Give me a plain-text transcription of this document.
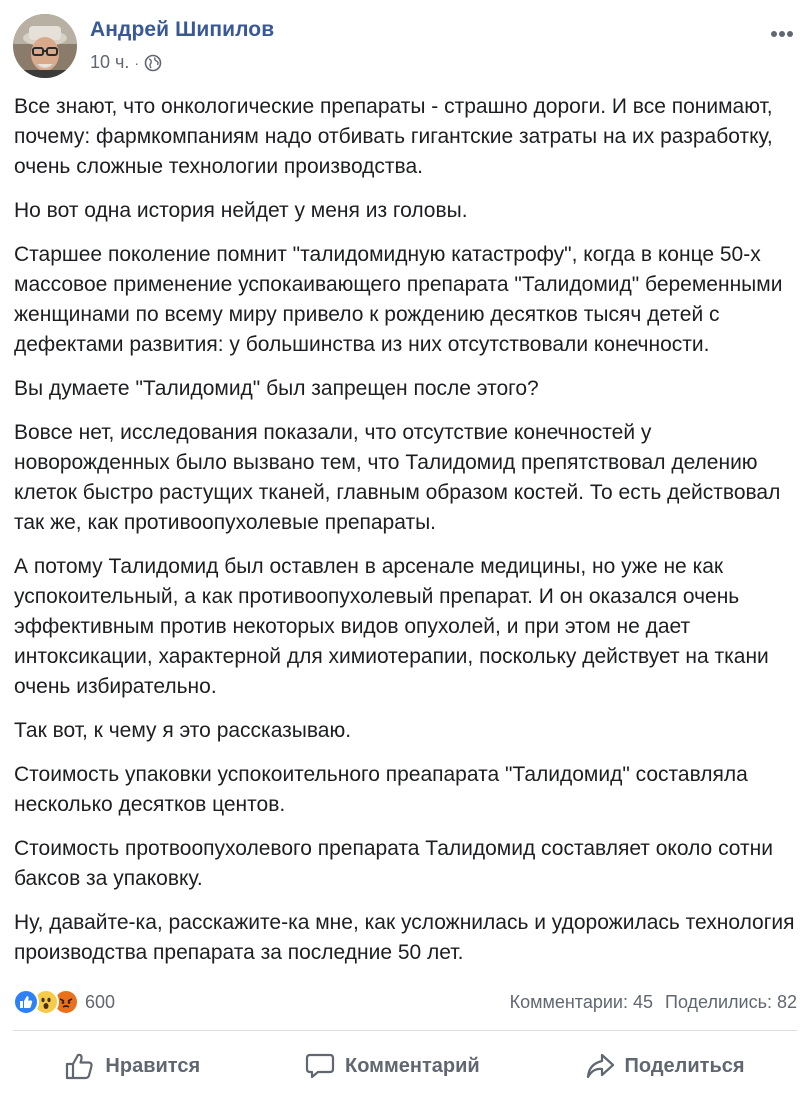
Андрей Шипилов
10 ч. ·

Все знают, что онкологические препараты - страшно дороги. И все понимают, почему: фармкомпаниям надо отбивать гигантские затраты на их разработку, очень сложные технологии производства.

Но вот одна история нейдет у меня из головы.

Старшее поколение помнит "талидомидную катастрофу", когда в конце 50-х массовое применение успокаивающего препарата "Талидомид" беременными женщинами по всему миру привело к рождению десятков тысяч детей с дефектами развития: у большинства из них отсутствовали конечности.

Вы думаете "Талидомид" был запрещен после этого?

Вовсе нет, исследования показали, что отсутствие конечностей у новорожденных было вызвано тем, что Талидомид препятствовал делению клеток быстро растущих тканей, главным образом костей. То есть действовал так же, как противоопухолевые препараты.

А потому Талидомид был оставлен в арсенале медицины, но уже не как успокоительный, а как противоопухолевый препарат. И он оказался очень эффективным против некоторых видов опухолей, и при этом не дает интоксикации, характерной для химиотерапии, поскольку действует на ткани очень избирательно.

Так вот, к чему я это рассказываю.

Стоимость упаковки успокоительного преапарата "Талидомид" составляла несколько десятков центов.

Стоимость протвоопухолевого препарата Талидомид составляет около сотни баксов за упаковку.

Ну, давайте-ка, расскажите-ка мне, как усложнилась и удорожилась технология производства препарата за последние 50 лет.

600	Комментарии: 45 Поделились: 82
Нравится	Комментарий	Поделиться
